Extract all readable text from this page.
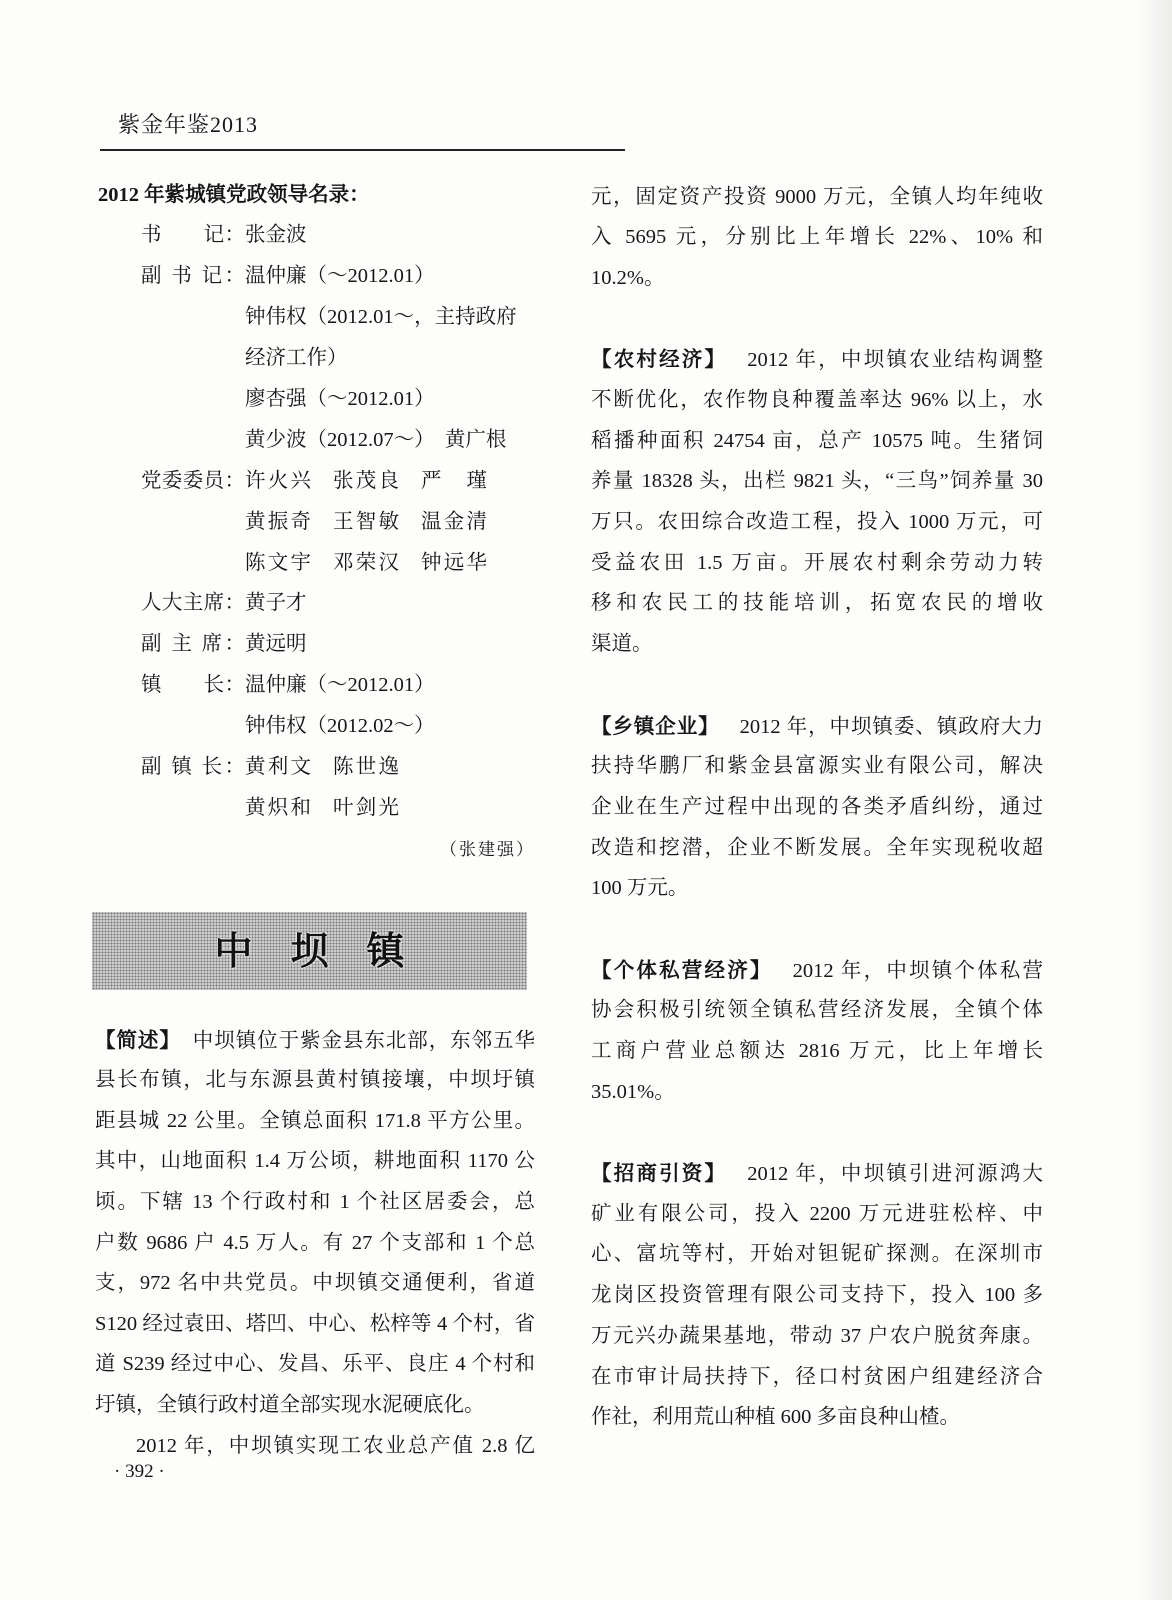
紫金年鉴2013
2012 年紫城镇党政领导名录：
书　　记：张金波
副 书 记：温仲廉（～2012.01）
钟伟权（2012.01～，主持政府
经济工作）
廖杏强（～2012.01）
黄少波（2012.07～）　黄广根
党委委员：许火兴 张茂良 严　瑾
黄振奇 王智敏 温金清
陈文宇 邓荣汉 钟远华
人大主席：黄子才
副 主 席：黄远明
镇　　长：温仲廉（～2012.01）
钟伟权（2012.02～）
副 镇 长：黄利文 陈世逸
黄炽和 叶剑光
（张建强）
中　坝　镇
【简述】 中坝镇位于紫金县东北部，东邻五华
县长布镇，北与东源县黄村镇接壤，中坝圩镇
距县城 22 公里。全镇总面积 171.8 平方公里。
其中，山地面积 1.4 万公顷，耕地面积 1170 公
顷。下辖 13 个行政村和 1 个社区居委会，总
户数 9686 户 4.5 万人。有 27 个支部和 1 个总
支，972 名中共党员。中坝镇交通便利，省道
S120 经过袁田、塔凹、中心、松梓等 4 个村，省
道 S239 经过中心、发昌、乐平、良庄 4 个村和
圩镇，全镇行政村道全部实现水泥硬底化。
2012 年，中坝镇实现工农业总产值 2.8 亿
· 392 ·
元，固定资产投资 9000 万元，全镇人均年纯收
入 5695 元，分别比上年增长 22%、10% 和
10.2%。
【农村经济】 2012 年，中坝镇农业结构调整
不断优化，农作物良种覆盖率达 96% 以上，水
稻播种面积 24754 亩，总产 10575 吨。生猪饲
养量 18328 头，出栏 9821 头，“三鸟”饲养量 30
万只。农田综合改造工程，投入 1000 万元，可
受益农田 1.5 万亩。开展农村剩余劳动力转
移和农民工的技能培训，拓宽农民的增收
渠道。
【乡镇企业】 2012 年，中坝镇委、镇政府大力
扶持华鹏厂和紫金县富源实业有限公司，解决
企业在生产过程中出现的各类矛盾纠纷，通过
改造和挖潜，企业不断发展。全年实现税收超
100 万元。
【个体私营经济】 2012 年，中坝镇个体私营
协会积极引统领全镇私营经济发展，全镇个体
工商户营业总额达 2816 万元，比上年增长
35.01%。
【招商引资】 2012 年，中坝镇引进河源鸿大
矿业有限公司，投入 2200 万元进驻松梓、中
心、富坑等村，开始对钽铌矿探测。在深圳市
龙岗区投资管理有限公司支持下，投入 100 多
万元兴办蔬果基地，带动 37 户农户脱贫奔康。
在市审计局扶持下，径口村贫困户组建经济合
作社，利用荒山种植 600 多亩良种山楂。
